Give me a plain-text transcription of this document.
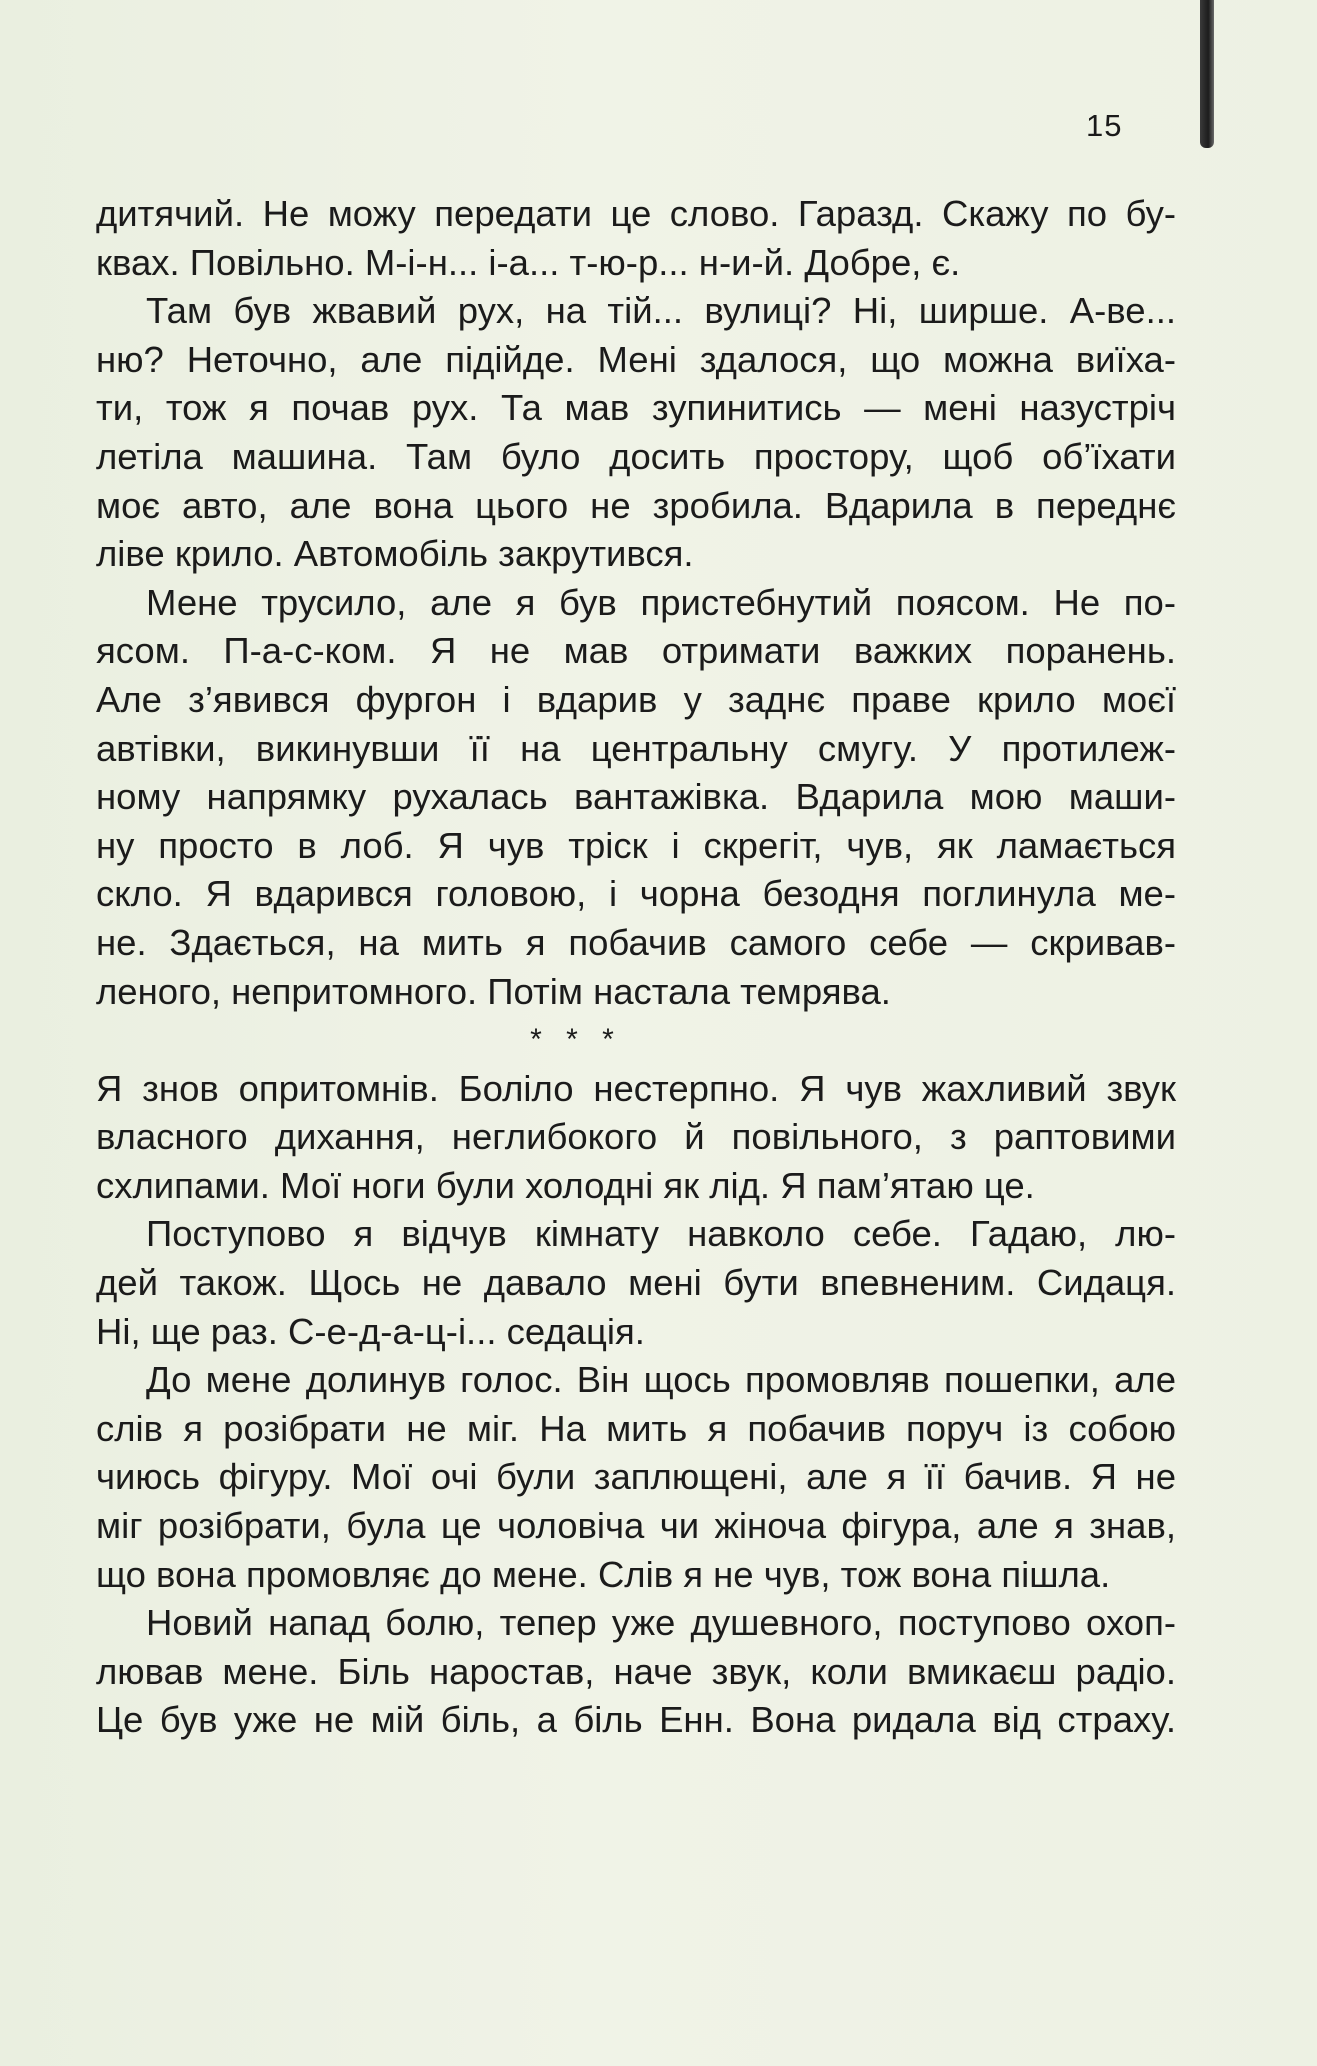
15
дитячий. Не можу передати це слово. Гаразд. Скажу по бу-
квах. Повільно. М-і-н... і-а... т-ю-р... н-и-й. Добре, є.
Там був жвавий рух, на тій... вулиці? Ні, ширше. А-ве...
ню? Неточно, але підійде. Мені здалося, що можна виїха-
ти, тож я почав рух. Та мав зупинитись — мені назустріч
летіла машина. Там було досить простору, щоб об’їхати
моє авто, але вона цього не зробила. Вдарила в переднє
ліве крило. Автомобіль закрутився.
Мене трусило, але я був пристебнутий поясом. Не по-
ясом. П-а-с-ком. Я не мав отримати важких поранень.
Але з’явився фургон і вдарив у заднє праве крило моєї
автівки, викинувши її на центральну смугу. У протилеж-
ному напрямку рухалась вантажівка. Вдарила мою маши-
ну просто в лоб. Я чув тріск і скрегіт, чув, як ламається
скло. Я вдарився головою, і чорна безодня поглинула ме-
не. Здається, на мить я побачив самого себе — скривав-
леного, непритомного. Потім настала темрява.
* * *
Я знов опритомнів. Боліло нестерпно. Я чув жахливий звук
власного дихання, неглибокого й повільного, з раптовими
схлипами. Мої ноги були холодні як лід. Я пам’ятаю це.
Поступово я відчув кімнату навколо себе. Гадаю, лю-
дей також. Щось не давало мені бути впевненим. Сидаця.
Ні, ще раз. С-е-д-а-ц-і... седація.
До мене долинув голос. Він щось промовляв пошепки, але
слів я розібрати не міг. На мить я побачив поруч із собою
чиюсь фігуру. Мої очі були заплющені, але я її бачив. Я не
міг розібрати, була це чоловіча чи жіноча фігура, але я знав,
що вона промовляє до мене. Слів я не чув, тож вона пішла.
Новий напад болю, тепер уже душевного, поступово охоп-
лював мене. Біль наростав, наче звук, коли вмикаєш радіо.
Це був уже не мій біль, а біль Енн. Вона ридала від страху.
